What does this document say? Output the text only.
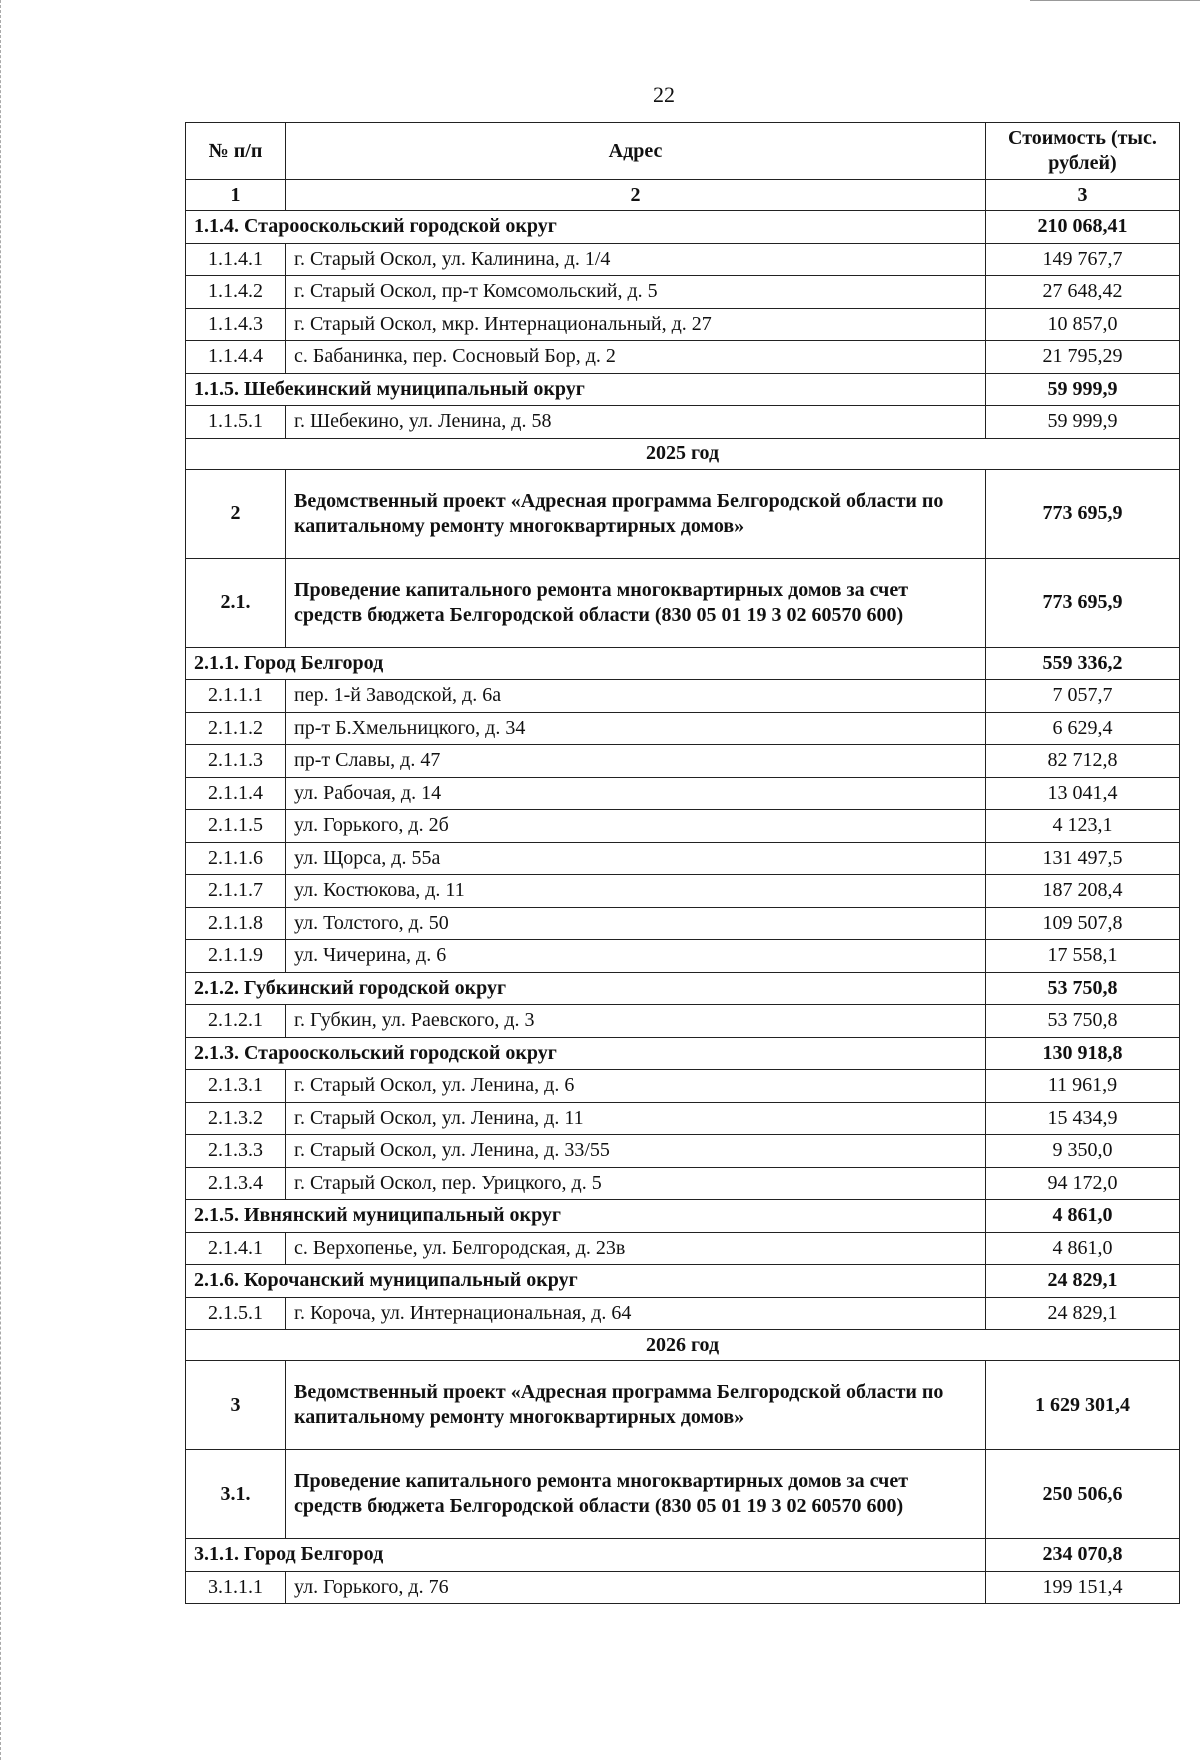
22
№ п/п	Адрес	Стоимость (тыс. рублей)
1	2	3
1.1.4. Старооскольский городской округ		210 068,41
1.1.4.1	г. Старый Оскол, ул. Калинина, д. 1/4	149 767,7
1.1.4.2	г. Старый Оскол, пр-т Комсомольский, д. 5	27 648,42
1.1.4.3	г. Старый Оскол, мкр. Интернациональный, д. 27	10 857,0
1.1.4.4	с. Бабанинка, пер. Сосновый Бор, д. 2	21 795,29
1.1.5. Шебекинский муниципальный округ		59 999,9
1.1.5.1	г. Шебекино, ул. Ленина, д. 58	59 999,9
2025 год		
2	Ведомственный проект «Адресная программа Белгородской области по капитальному ремонту многоквартирных домов»	773 695,9
2.1.	Проведение капитального ремонта многоквартирных домов за счет средств бюджета Белгородской области (830 05 01 19 3 02 60570 600)	773 695,9
2.1.1. Город Белгород		559 336,2
2.1.1.1	пер. 1-й Заводской, д. 6а	7 057,7
2.1.1.2	пр-т Б.Хмельницкого, д. 34	6 629,4
2.1.1.3	пр-т Славы, д. 47	82 712,8
2.1.1.4	ул. Рабочая, д. 14	13 041,4
2.1.1.5	ул. Горького, д. 2б	4 123,1
2.1.1.6	ул. Щорса, д. 55а	131 497,5
2.1.1.7	ул. Костюкова, д. 11	187 208,4
2.1.1.8	ул. Толстого, д. 50	109 507,8
2.1.1.9	ул. Чичерина, д. 6	17 558,1
2.1.2. Губкинский городской округ		53 750,8
2.1.2.1	г. Губкин, ул. Раевского, д. 3	53 750,8
2.1.3. Старооскольский городской округ		130 918,8
2.1.3.1	г. Старый Оскол, ул. Ленина, д. 6	11 961,9
2.1.3.2	г. Старый Оскол, ул. Ленина, д. 11	15 434,9
2.1.3.3	г. Старый Оскол, ул. Ленина, д. 33/55	9 350,0
2.1.3.4	г. Старый Оскол, пер. Урицкого, д. 5	94 172,0
2.1.5. Ивнянский муниципальный округ		4 861,0
2.1.4.1	с. Верхопенье, ул. Белгородская, д. 23в	4 861,0
2.1.6. Корочанский муниципальный округ		24 829,1
2.1.5.1	г. Короча, ул. Интернациональная, д. 64	24 829,1
2026 год		
3	Ведомственный проект «Адресная программа Белгородской области по капитальному ремонту многоквартирных домов»	1 629 301,4
3.1.	Проведение капитального ремонта многоквартирных домов за счет средств бюджета Белгородской области (830 05 01 19 3 02 60570 600)	250 506,6
3.1.1. Город Белгород		234 070,8
3.1.1.1	ул. Горького, д. 76	199 151,4
